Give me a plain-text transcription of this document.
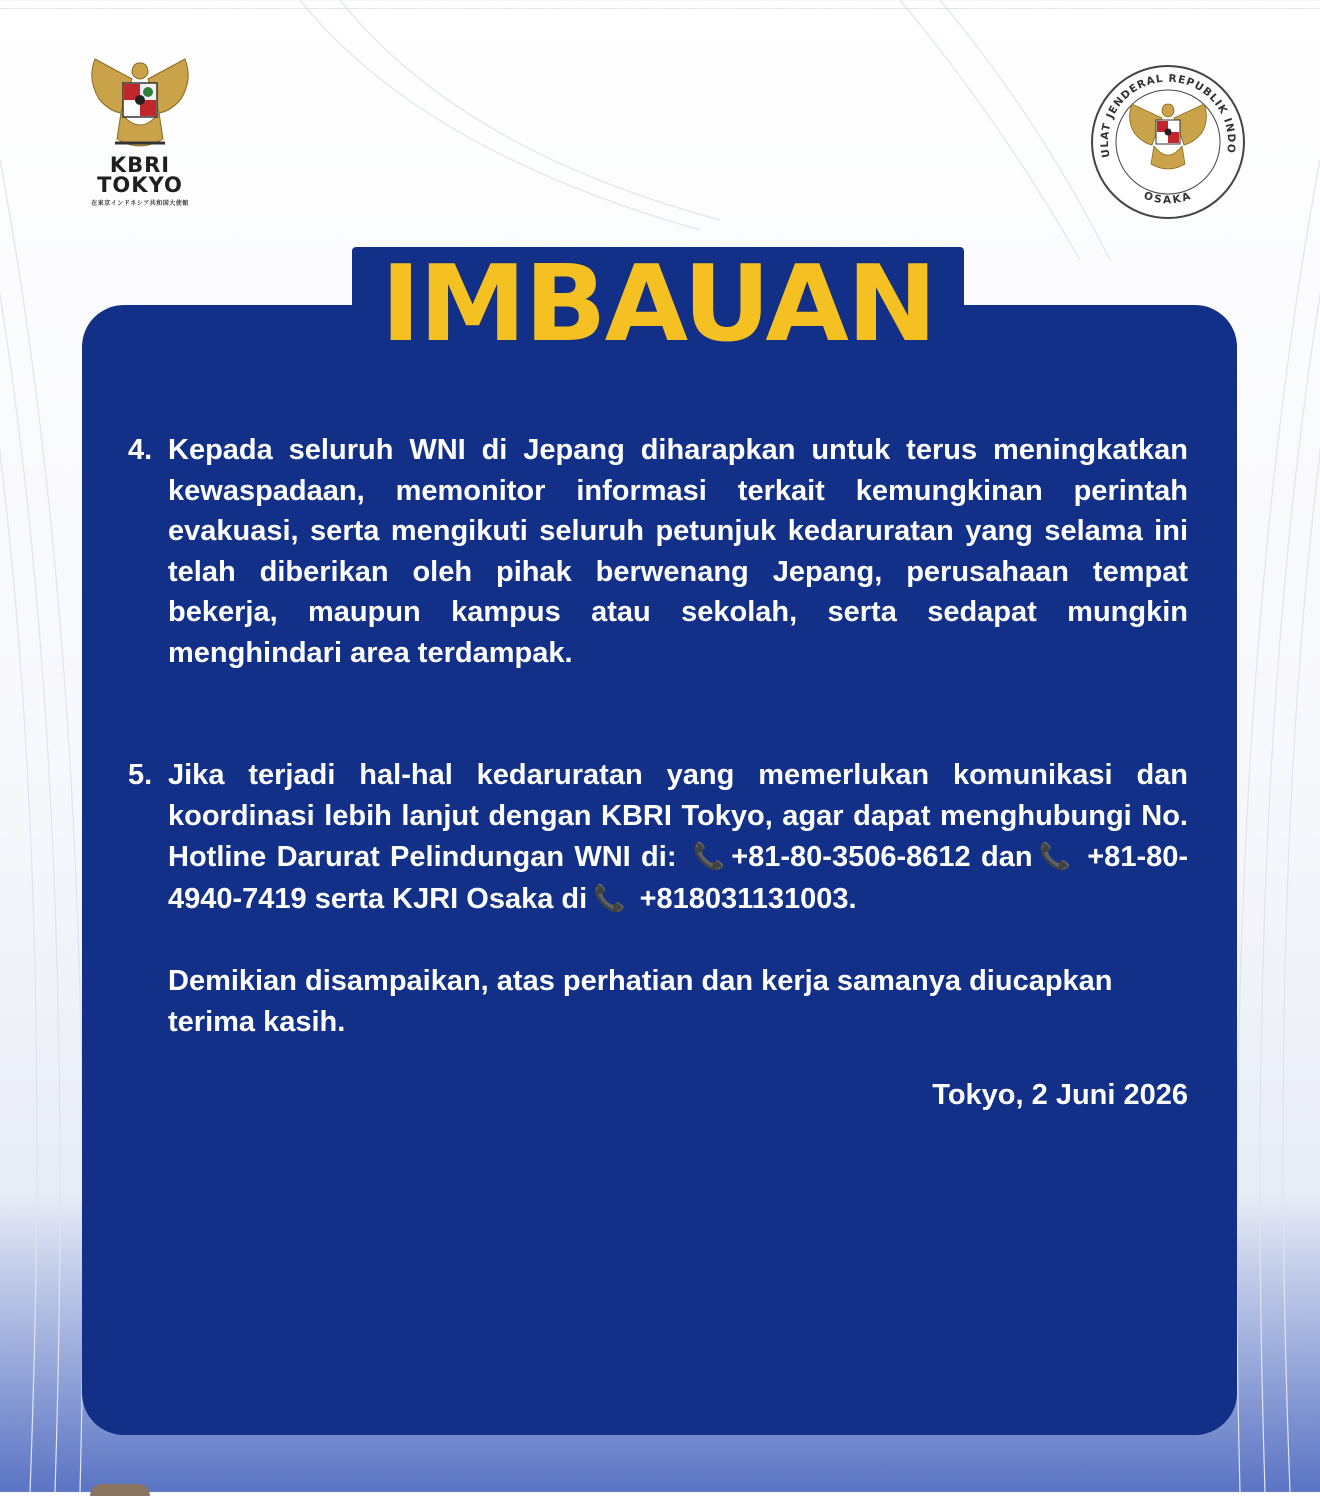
KBRI
TOKYO
在東京インドネシア共和国大使館
ULAT JENDERAL REPUBLIK INDO
OSAKA
IMBAUAN
4. Kepada seluruh WNI di Jepang diharapkan untuk terus meningkatkan kewaspadaan, memonitor informasi terkait kemungkinan perintah evakuasi, serta mengikuti seluruh petunjuk kedaruratan yang selama ini telah diberikan oleh pihak berwenang Jepang, perusahaan tempat bekerja, maupun kampus atau sekolah, serta sedapat mungkin menghindari area terdampak.
5. Jika terjadi hal-hal kedaruratan yang memerlukan komunikasi dan koordinasi lebih lanjut dengan KBRI Tokyo, agar dapat menghubungi No. Hotline Darurat Pelindungan WNI di: 📞 +81-80-3506-8612 dan 📞 +81-80-4940-7419 serta KJRI Osaka di 📞 +818031131003.
Demikian disampaikan, atas perhatian dan kerja samanya diucapkan terima kasih.
Tokyo, 2 Juni 2026
